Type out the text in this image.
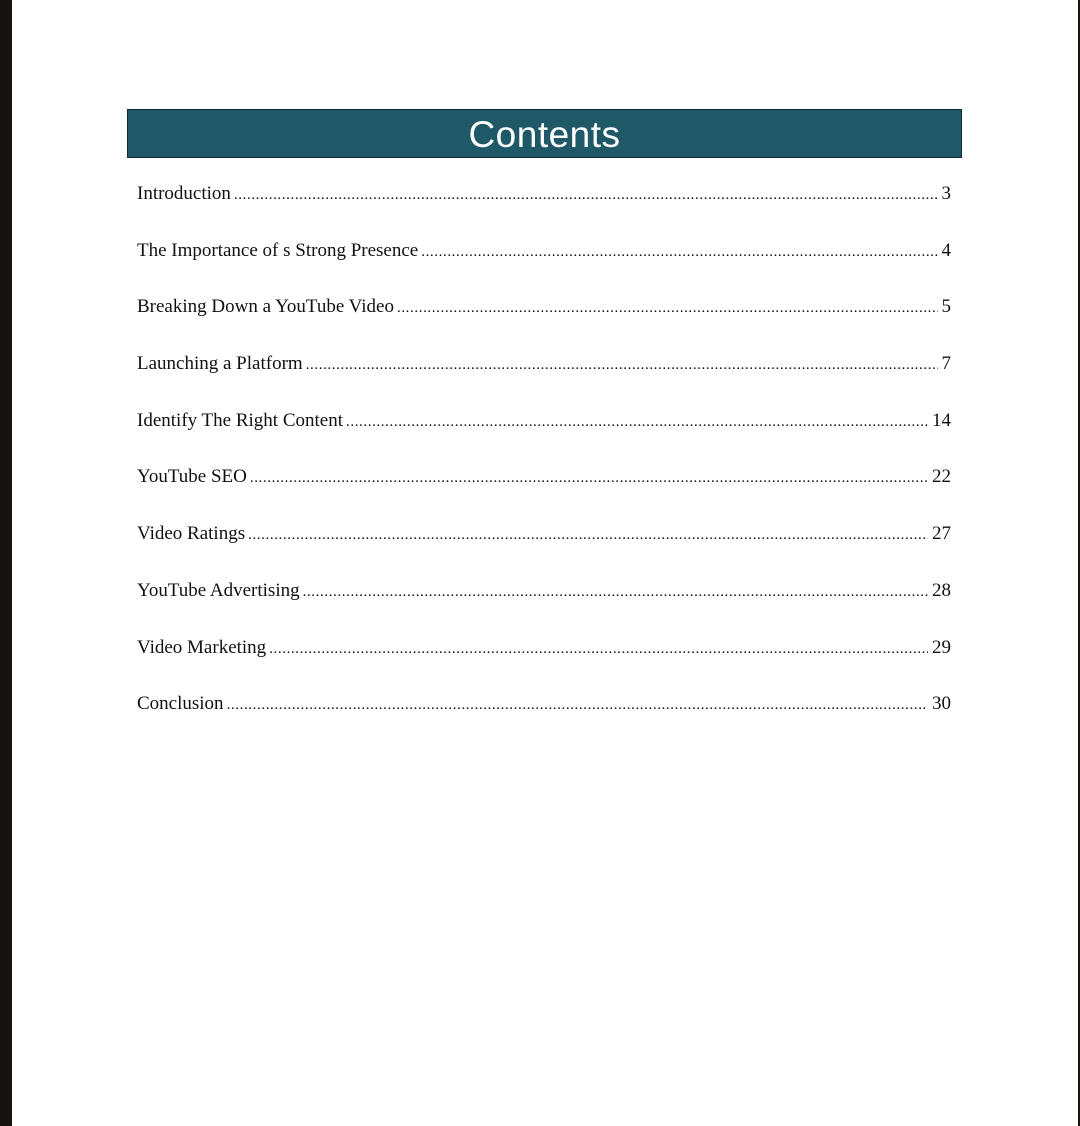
Contents
Introduction .....	3
The Importance of s Strong Presence .....	4
Breaking Down a YouTube Video .....	5
Launching a Platform .....	7
Identify The Right Content .....	14
YouTube SEO .....	22
Video Ratings .....	27
YouTube Advertising .....	28
Video Marketing .....	29
Conclusion .....	30
